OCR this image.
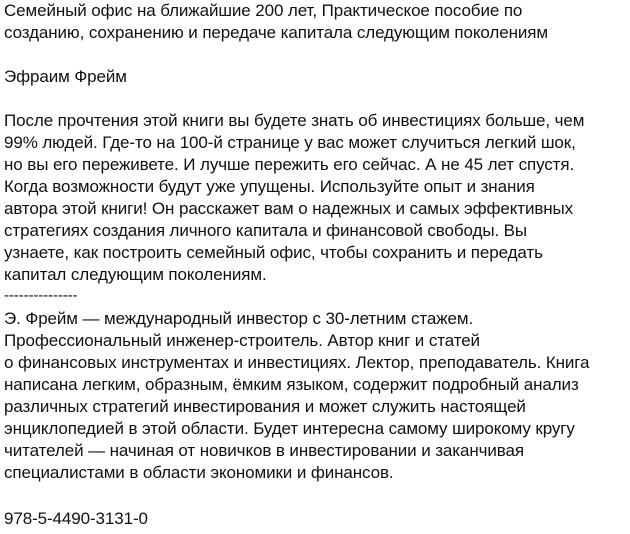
Семейный офис на ближайшие 200 лет, Практическое пособие по
созданию, сохранению и передаче капитала следующим поколениям
Эфраим Фрейм
После прочтения этой книги вы будете знать об инвестициях больше, чем
99% людей. Где-то на 100-й странице у вас может случиться легкий шок,
но вы его переживете. И лучше пережить его сейчас. А не 45 лет спустя.
Когда возможности будут уже упущены. Используйте опыт и знания
автора этой книги! Он расскажет вам о надежных и самых эффективных
стратегиях создания личного капитала и финансовой свободы. Вы
узнаете, как построить семейный офис, чтобы сохранить и передать
капитал следующим поколениям.
---------------
Э. Фрейм — международный инвестор с 30-летним стажем.
Профессиональный инженер-строитель. Автор книг и статей
о финансовых инструментах и инвестициях. Лектор, преподаватель. Книга
написана легким, образным, ёмким языком, содержит подробный анализ
различных стратегий инвестирования и может служить настоящей
энциклопедией в этой области. Будет интересна самому широкому кругу
читателей — начиная от новичков в инвестировании и заканчивая
специалистами в области экономики и финансов.
978-5-4490-3131-0
